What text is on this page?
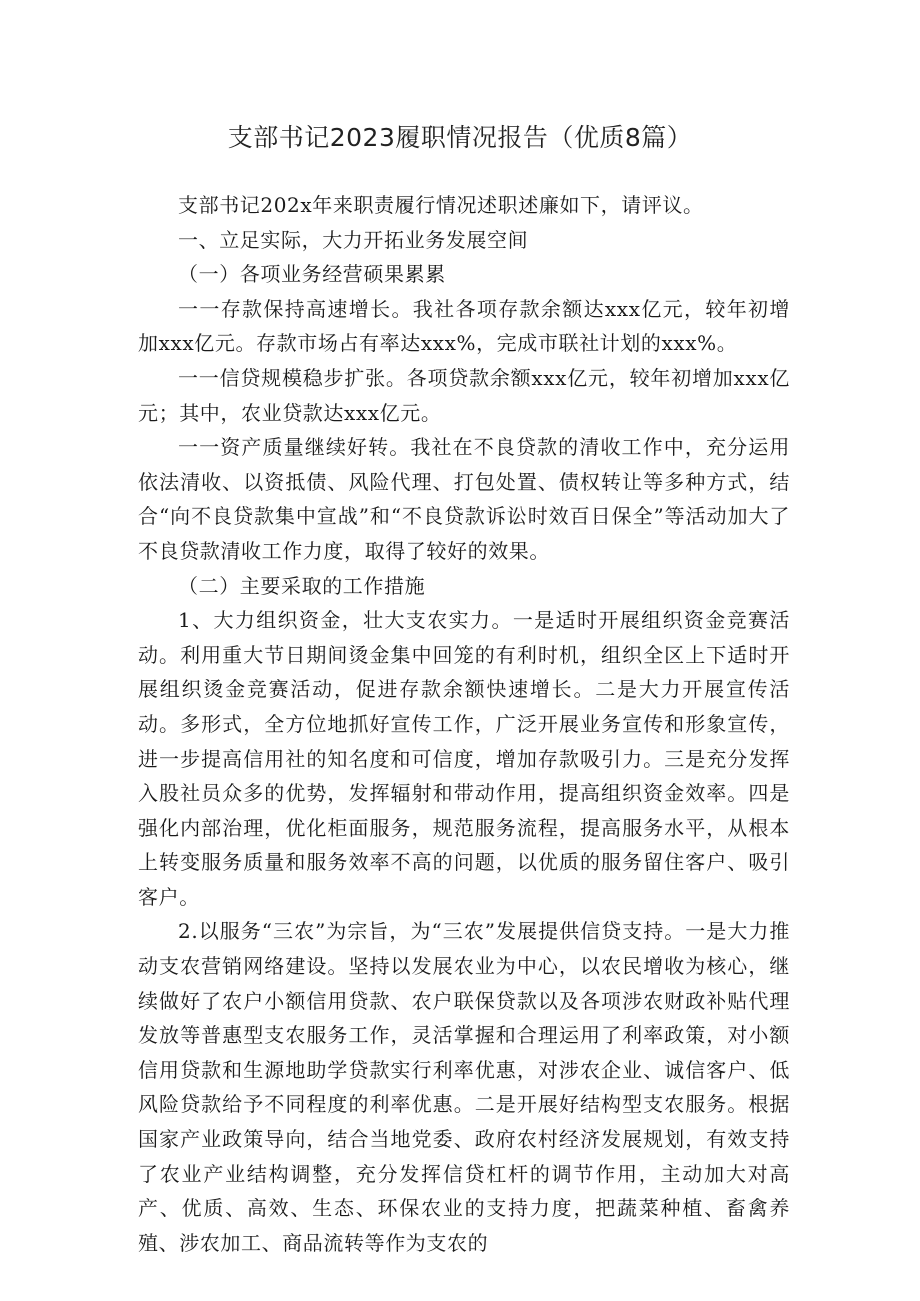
支部书记2023履职情况报告（优质8篇）

支部书记202x年来职责履行情况述职述廉如下，请评议。

一、立足实际，大力开拓业务发展空间

（一）各项业务经营硕果累累

一一存款保持高速增长。我社各项存款余额达xxx亿元，较年初增加xxx亿元。存款市场占有率达xxx%，完成市联社计划的xxx%。

一一信贷规模稳步扩张。各项贷款余额xxx亿元，较年初增加xxx亿元；其中，农业贷款达xxx亿元。

一一资产质量继续好转。我社在不良贷款的清收工作中，充分运用依法清收、以资抵债、风险代理、打包处置、债权转让等多种方式，结合“向不良贷款集中宣战”和“不良贷款诉讼时效百日保全”等活动加大了不良贷款清收工作力度，取得了较好的效果。

（二）主要采取的工作措施

1、大力组织资金，壮大支农实力。一是适时开展组织资金竞赛活动。利用重大节日期间烫金集中回笼的有利时机，组织全区上下适时开展组织烫金竞赛活动，促进存款余额快速增长。二是大力开展宣传活动。多形式，全方位地抓好宣传工作，广泛开展业务宣传和形象宣传，进一步提高信用社的知名度和可信度，增加存款吸引力。三是充分发挥入股社员众多的优势，发挥辐射和带动作用，提高组织资金效率。四是强化内部治理，优化柜面服务，规范服务流程，提高服务水平，从根本上转变服务质量和服务效率不高的问题，以优质的服务留住客户、吸引客户。

2.以服务“三农”为宗旨，为“三农”发展提供信贷支持。一是大力推动支农营销网络建设。坚持以发展农业为中心，以农民增收为核心，继续做好了农户小额信用贷款、农户联保贷款以及各项涉农财政补贴代理发放等普惠型支农服务工作，灵活掌握和合理运用了利率政策，对小额信用贷款和生源地助学贷款实行利率优惠，对涉农企业、诚信客户、低风险贷款给予不同程度的利率优惠。二是开展好结构型支农服务。根据国家产业政策导向，结合当地党委、政府农村经济发展规划，有效支持了农业产业结构调整，充分发挥信贷杠杆的调节作用，主动加大对高产、优质、高效、生态、环保农业的支持力度，把蔬菜种植、畜禽养殖、涉农加工、商品流转等作为支农的
